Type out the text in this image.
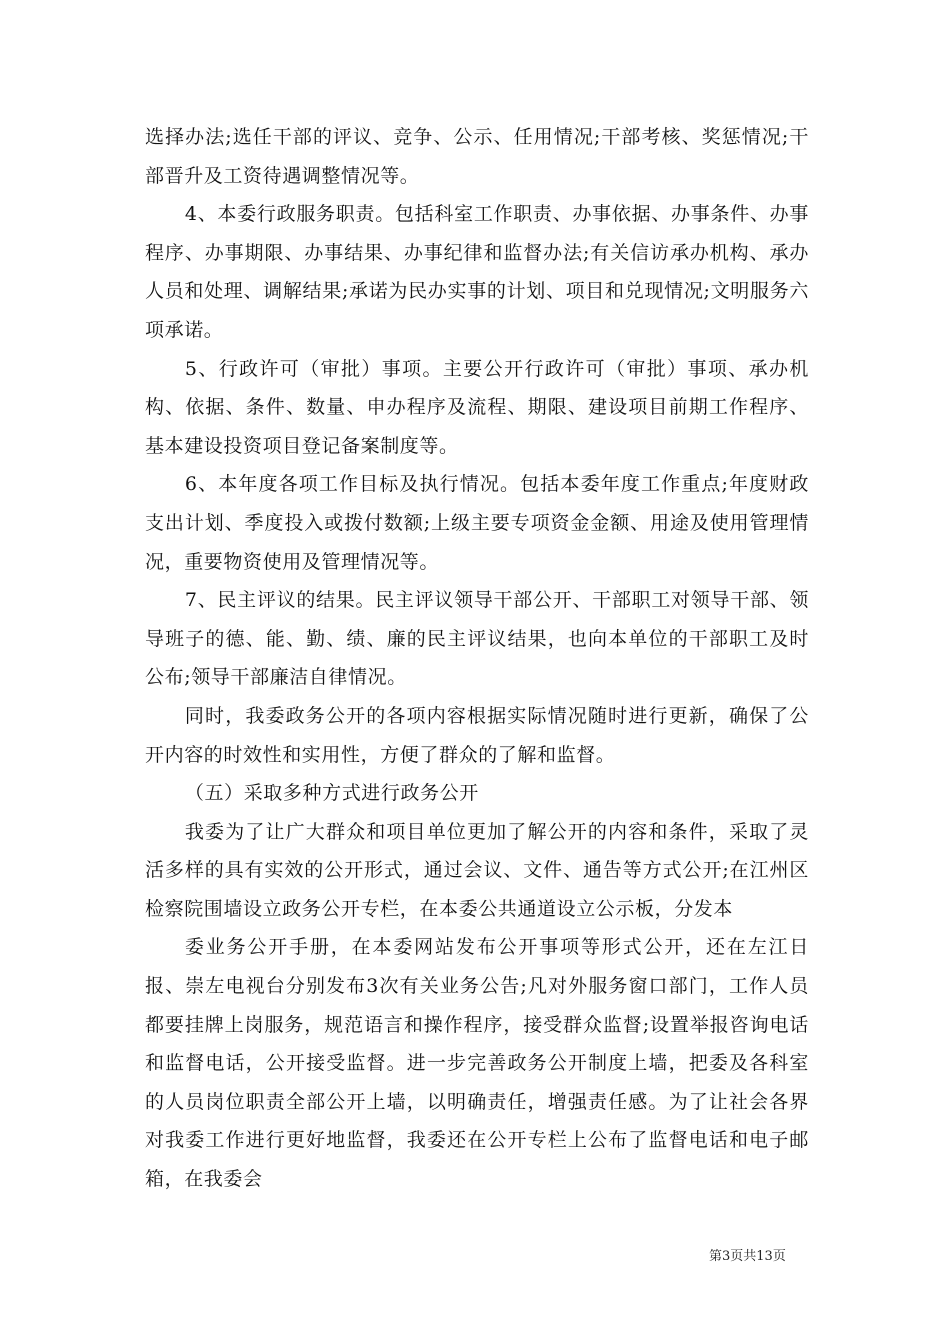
选择办法;选任干部的评议、竞争、公示、任用情况;干部考核、奖惩情况;干部晋升及工资待遇调整情况等。

4、本委行政服务职责。包括科室工作职责、办事依据、办事条件、办事程序、办事期限、办事结果、办事纪律和监督办法;有关信访承办机构、承办人员和处理、调解结果;承诺为民办实事的计划、项目和兑现情况;文明服务六项承诺。

5、行政许可（审批）事项。主要公开行政许可（审批）事项、承办机构、依据、条件、数量、申办程序及流程、期限、建设项目前期工作程序、基本建设投资项目登记备案制度等。

6、本年度各项工作目标及执行情况。包括本委年度工作重点;年度财政支出计划、季度投入或拨付数额;上级主要专项资金金额、用途及使用管理情况，重要物资使用及管理情况等。

7、民主评议的结果。民主评议领导干部公开、干部职工对领导干部、领导班子的德、能、勤、绩、廉的民主评议结果，也向本单位的干部职工及时公布;领导干部廉洁自律情况。

同时，我委政务公开的各项内容根据实际情况随时进行更新，确保了公开内容的时效性和实用性，方便了群众的了解和监督。

（五）采取多种方式进行政务公开

我委为了让广大群众和项目单位更加了解公开的内容和条件，采取了灵活多样的具有实效的公开形式，通过会议、文件、通告等方式公开;在江州区检察院围墙设立政务公开专栏，在本委公共通道设立公示板，分发本

委业务公开手册，在本委网站发布公开事项等形式公开，还在左江日报、崇左电视台分别发布3次有关业务公告;凡对外服务窗口部门，工作人员都要挂牌上岗服务，规范语言和操作程序，接受群众监督;设置举报咨询电话和监督电话，公开接受监督。进一步完善政务公开制度上墙，把委及各科室的人员岗位职责全部公开上墙，以明确责任，增强责任感。为了让社会各界对我委工作进行更好地监督，我委还在公开专栏上公布了监督电话和电子邮箱，在我委会

第3页共13页
